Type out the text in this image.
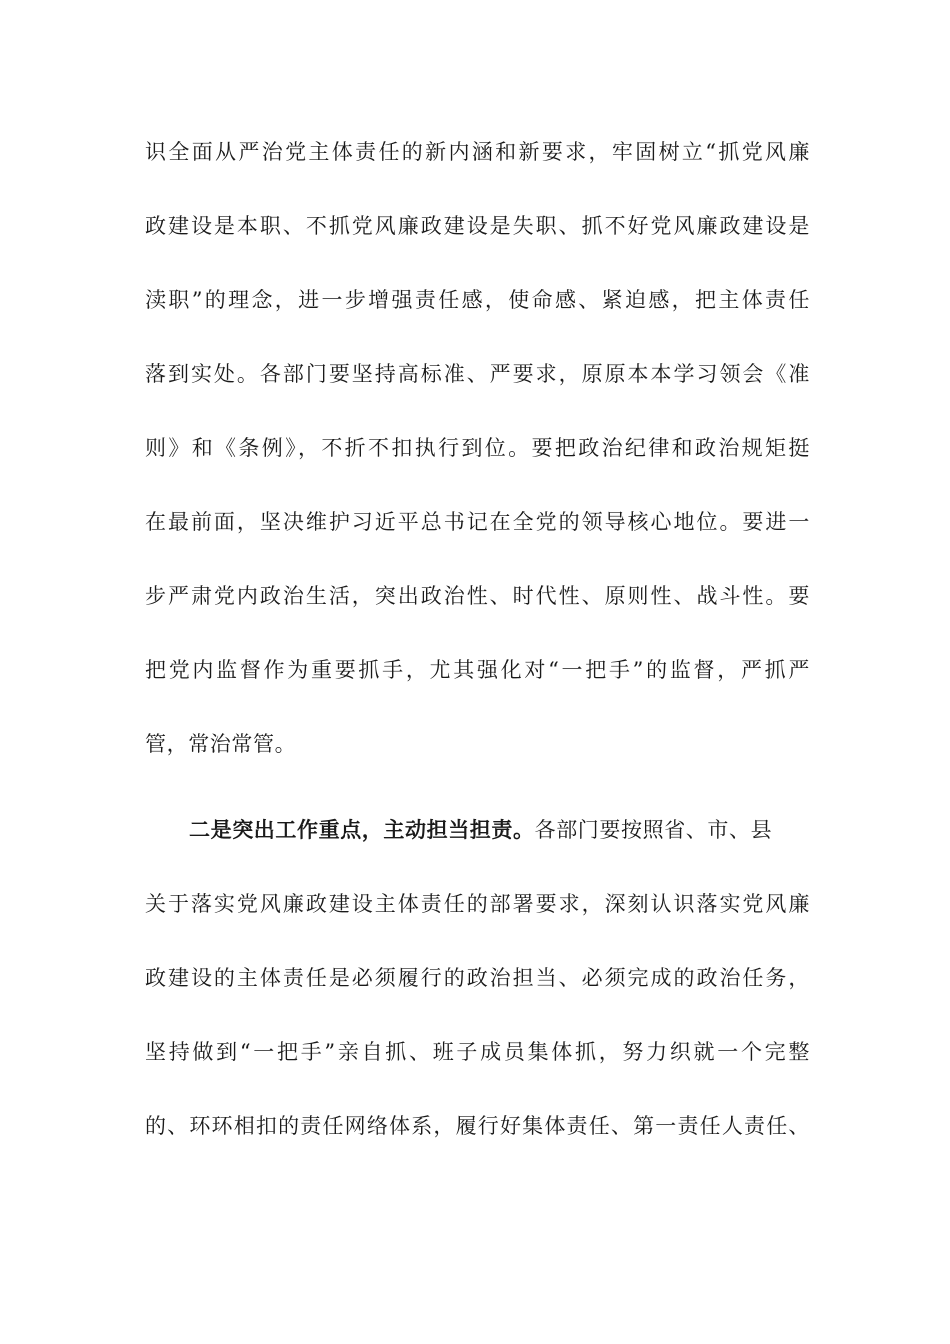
识全面从严治党主体责任的新内涵和新要求，牢固树立“抓党风廉
政建设是本职、不抓党风廉政建设是失职、抓不好党风廉政建设是
渎职”的理念，进一步增强责任感，使命感、紧迫感，把主体责任
落到实处。各部门要坚持高标准、严要求，原原本本学习领会《准
则》和《条例》，不折不扣执行到位。要把政治纪律和政治规矩挺
在最前面，坚决维护习近平总书记在全党的领导核心地位。要进一
步严肃党内政治生活，突出政治性、时代性、原则性、战斗性。要
把党内监督作为重要抓手，尤其强化对“一把手”的监督，严抓严
管，常治常管。
二是突出工作重点，主动担当担责。各部门要按照省、市、县
关于落实党风廉政建设主体责任的部署要求，深刻认识落实党风廉
政建设的主体责任是必须履行的政治担当、必须完成的政治任务，
坚持做到“一把手”亲自抓、班子成员集体抓，努力织就一个完整
的、环环相扣的责任网络体系，履行好集体责任、第一责任人责任、
